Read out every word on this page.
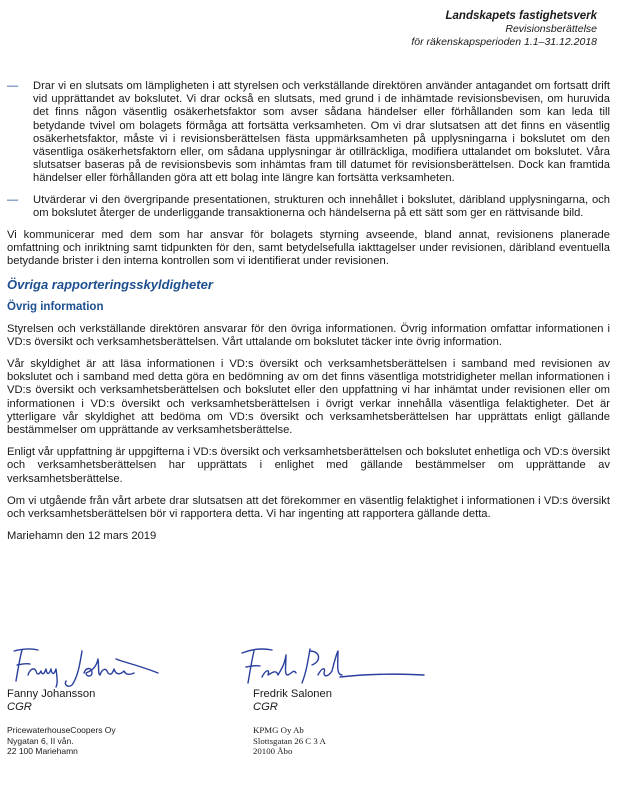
Landskapets fastighetsverk
Revisionsberättelse
för räkenskapsperioden 1.1–31.12.2018
—	Drar vi en slutsats om lämpligheten i att styrelsen och verkställande direktören använder antagandet om fortsatt drift vid upprättandet av bokslutet. Vi drar också en slutsats, med grund i de inhämtade revisionsbevisen, om huruvida det finns någon väsentlig osäkerhetsfaktor som avser sådana händelser eller förhållanden som kan leda till betydande tvivel om bolagets förmåga att fortsätta verksamheten. Om vi drar slutsatsen att det finns en väsentlig osäkerhetsfaktor, måste vi i revisionsberättelsen fästa uppmärksamheten på upplysningarna i bokslutet om den väsentliga osäkerhetsfaktorn eller, om sådana upplysningar är otillräckliga, modifiera uttalandet om bokslutet. Våra slutsatser baseras på de revisionsbevis som inhämtas fram till datumet för revisionsberättelsen. Dock kan framtida händelser eller förhållanden göra att ett bolag inte längre kan fortsätta verksamheten.

—	Utvärderar vi den övergripande presentationen, strukturen och innehållet i bokslutet, däribland upplysningarna, och om bokslutet återger de underliggande transaktionerna och händelserna på ett sätt som ger en rättvisande bild.

Vi kommunicerar med dem som har ansvar för bolagets styrning avseende, bland annat, revisionens planerade omfattning och inriktning samt tidpunkten för den, samt betydelsefulla iakttagelser under revisionen, däribland eventuella betydande brister i den interna kontrollen som vi identifierat under revisionen.

Övriga rapporteringsskyldigheter
Övrig information

Styrelsen och verkställande direktören ansvarar för den övriga informationen. Övrig information omfattar informationen i VD:s översikt och verksamhetsberättelsen. Vårt uttalande om bokslutet täcker inte övrig information.

Vår skyldighet är att läsa informationen i VD:s översikt och verksamhetsberättelsen i samband med revisionen av bokslutet och i samband med detta göra en bedömning av om det finns väsentliga motstridigheter mellan informationen i VD:s översikt och verksamhetsberättelsen och bokslutet eller den uppfattning vi har inhämtat under revisionen eller om informationen i VD:s översikt och verksamhetsberättelsen i övrigt verkar innehålla väsentliga felaktigheter. Det är ytterligare vår skyldighet att bedöma om VD:s översikt och verksamhetsberättelsen har upprättats enligt gällande bestämmelser om upprättande av verksamhetsberättelse.

Enligt vår uppfattning är uppgifterna i VD:s översikt och verksamhetsberättelsen och bokslutet enhetliga och VD:s översikt och verksamhetsberättelsen har upprättats i enlighet med gällande bestämmelser om upprättande av verksamhetsberättelse.

Om vi utgående från vårt arbete drar slutsatsen att det förekommer en väsentlig felaktighet i informationen i VD:s översikt och verksamhetsberättelsen bör vi rapportera detta. Vi har ingenting att rapportera gällande detta.

Mariehamn den 12 mars 2019

Fanny Johansson
CGR
PricewaterhouseCoopers Oy
Nygatan 6, II vån.
22 100 Mariehamn
Fredrik Salonen
CGR
KPMG Oy Ab
Slottsgatan 26 C 3 A
20100 Åbo
